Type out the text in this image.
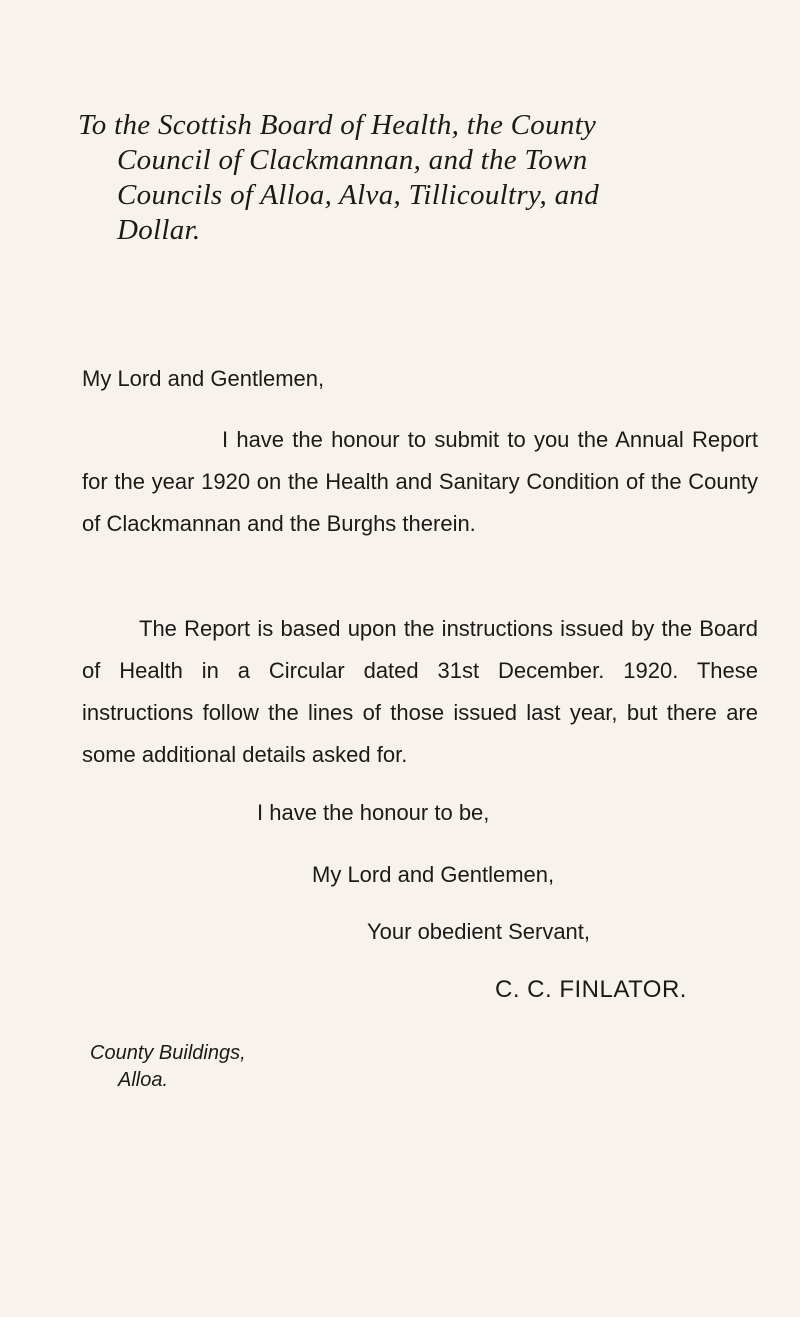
To the Scottish Board of Health, the County
Council of Clackmannan, and the Town
Councils of Alloa, Alva, Tillicoultry, and
Dollar.

My Lord and Gentlemen,

I have the honour to submit to you the Annual Report for the year 1920 on the Health and Sanitary Condition of the County of Clackmannan and the Burghs therein.

The Report is based upon the instructions issued by the Board of Health in a Circular dated 31st December. 1920. These instructions follow the lines of those issued last year, but there are some additional details asked for.

I have the honour to be,

My Lord and Gentlemen,

Your obedient Servant,

C. C. FINLATOR.

County Buildings,
Alloa.
